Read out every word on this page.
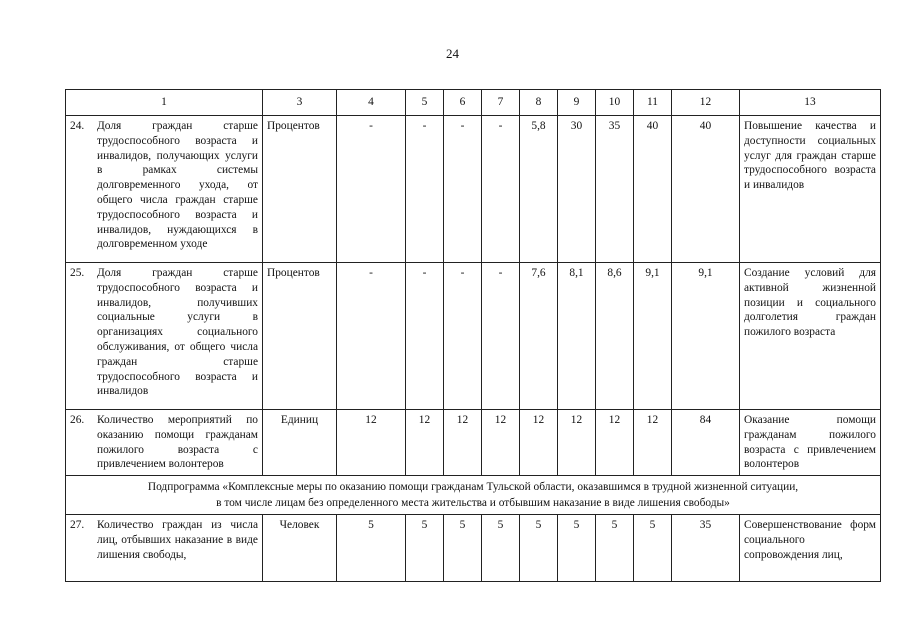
24
1	3	4	5	6	7	8	9	10	11	12	13

24. Доля граждан старше трудоспособного возраста и инвалидов, получающих услуги в рамках системы долговременного ухода, от общего числа граждан старше трудоспособного возраста и инвалидов, нуждающихся в долговременном уходе	Процентов	-	-	-	-	5,8	30	35	40	40	Повышение качества и доступности социальных услуг для граждан старше трудоспособного возраста и инвалидов

25. Доля граждан старше трудоспособного возраста и инвалидов, получивших социальные услуги в организациях социального обслуживания, от общего числа граждан старше трудоспособного возраста и инвалидов	Процентов	-	-	-	-	7,6	8,1	8,6	9,1	9,1	Создание условий для активной жизненной позиции и социального долголетия граждан пожилого возраста

26. Количество мероприятий по оказанию помощи гражданам пожилого возраста с привлечением волонтеров	Единиц	12	12	12	12	12	12	12	12	84	Оказание помощи гражданам пожилого возраста с привлечением волонтеров

Подпрограмма «Комплексные меры по оказанию помощи гражданам Тульской области, оказавшимся в трудной жизненной ситуации,
в том числе лицам без определенного места жительства и отбывшим наказание в виде лишения свободы»											

27. Количество граждан из числа лиц, отбывших наказание в виде лишения свободы,	Человек	5	5	5	5	5	5	5	5	35	Совершенствование форм социального сопровождения лиц,
